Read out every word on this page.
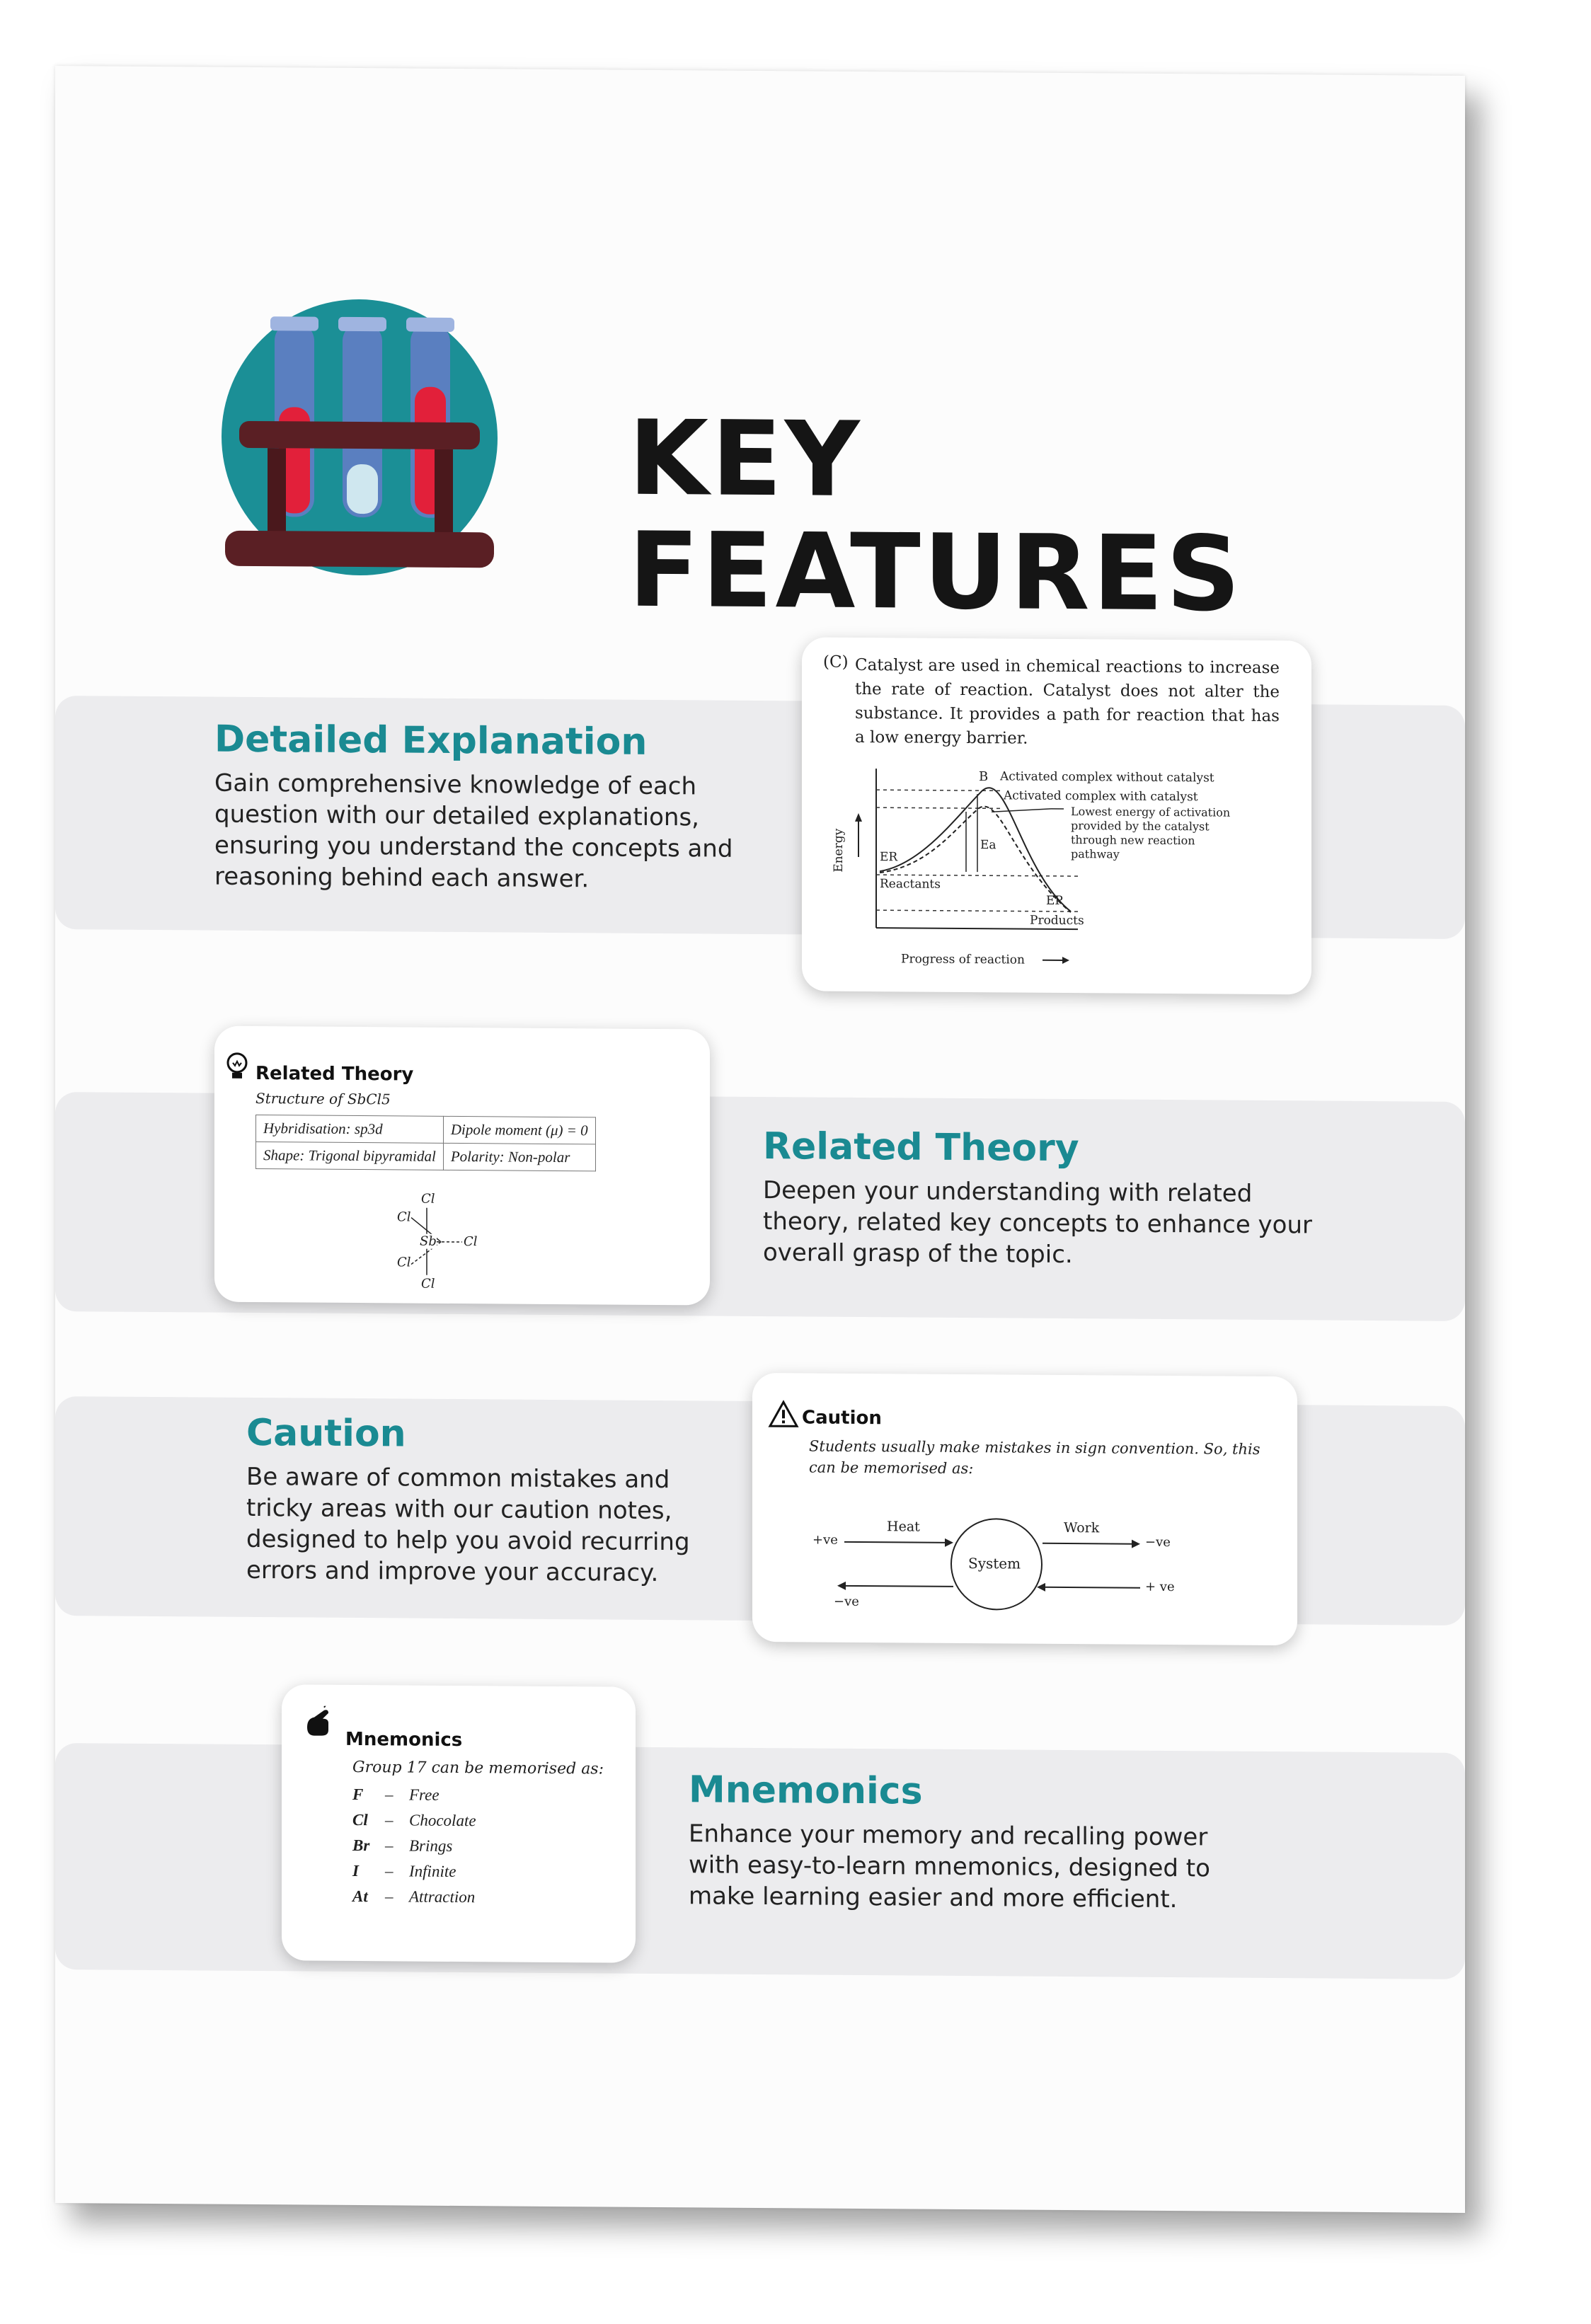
KEY
FEATURES
Detailed Explanation
Gain comprehensive knowledge of each question with our detailed explanations, ensuring you understand the concepts and reasoning behind each answer.
(C) Catalyst are used in chemical reactions to increase the rate of reaction. Catalyst does not alter the substance. It provides a path for reaction that has a low energy barrier.
B Activated complex without catalyst
Activated complex with catalyst
Lowest energy of activation provided by the catalyst through new reaction pathway
Ea
ER
Reactants
EP
Products
Energy
Progress of reaction
Related Theory
Structure of SbCl5
Hybridisation: sp3d	Dipole moment (μ) = 0
Shape: Trigonal bipyramidal	Polarity: Non-polar
Cl
Cl
Sb Cl
Cl
Cl
Related Theory
Deepen your understanding with related theory, related key concepts to enhance your overall grasp of the topic.
Caution
Be aware of common mistakes and tricky areas with our caution notes, designed to help you avoid recurring errors and improve your accuracy.
Caution
Students usually make mistakes in sign convention. So, this can be memorised as:
System
Heat	Work
+ve	−ve
−ve
+ ve
Mnemonics
Group 17 can be memorised as:
F – Free
Cl – Chocolate
Br – Brings
I – Infinite
At – Attraction
Mnemonics
Enhance your memory and recalling power with easy-to-learn mnemonics, designed to make learning easier and more efficient.
